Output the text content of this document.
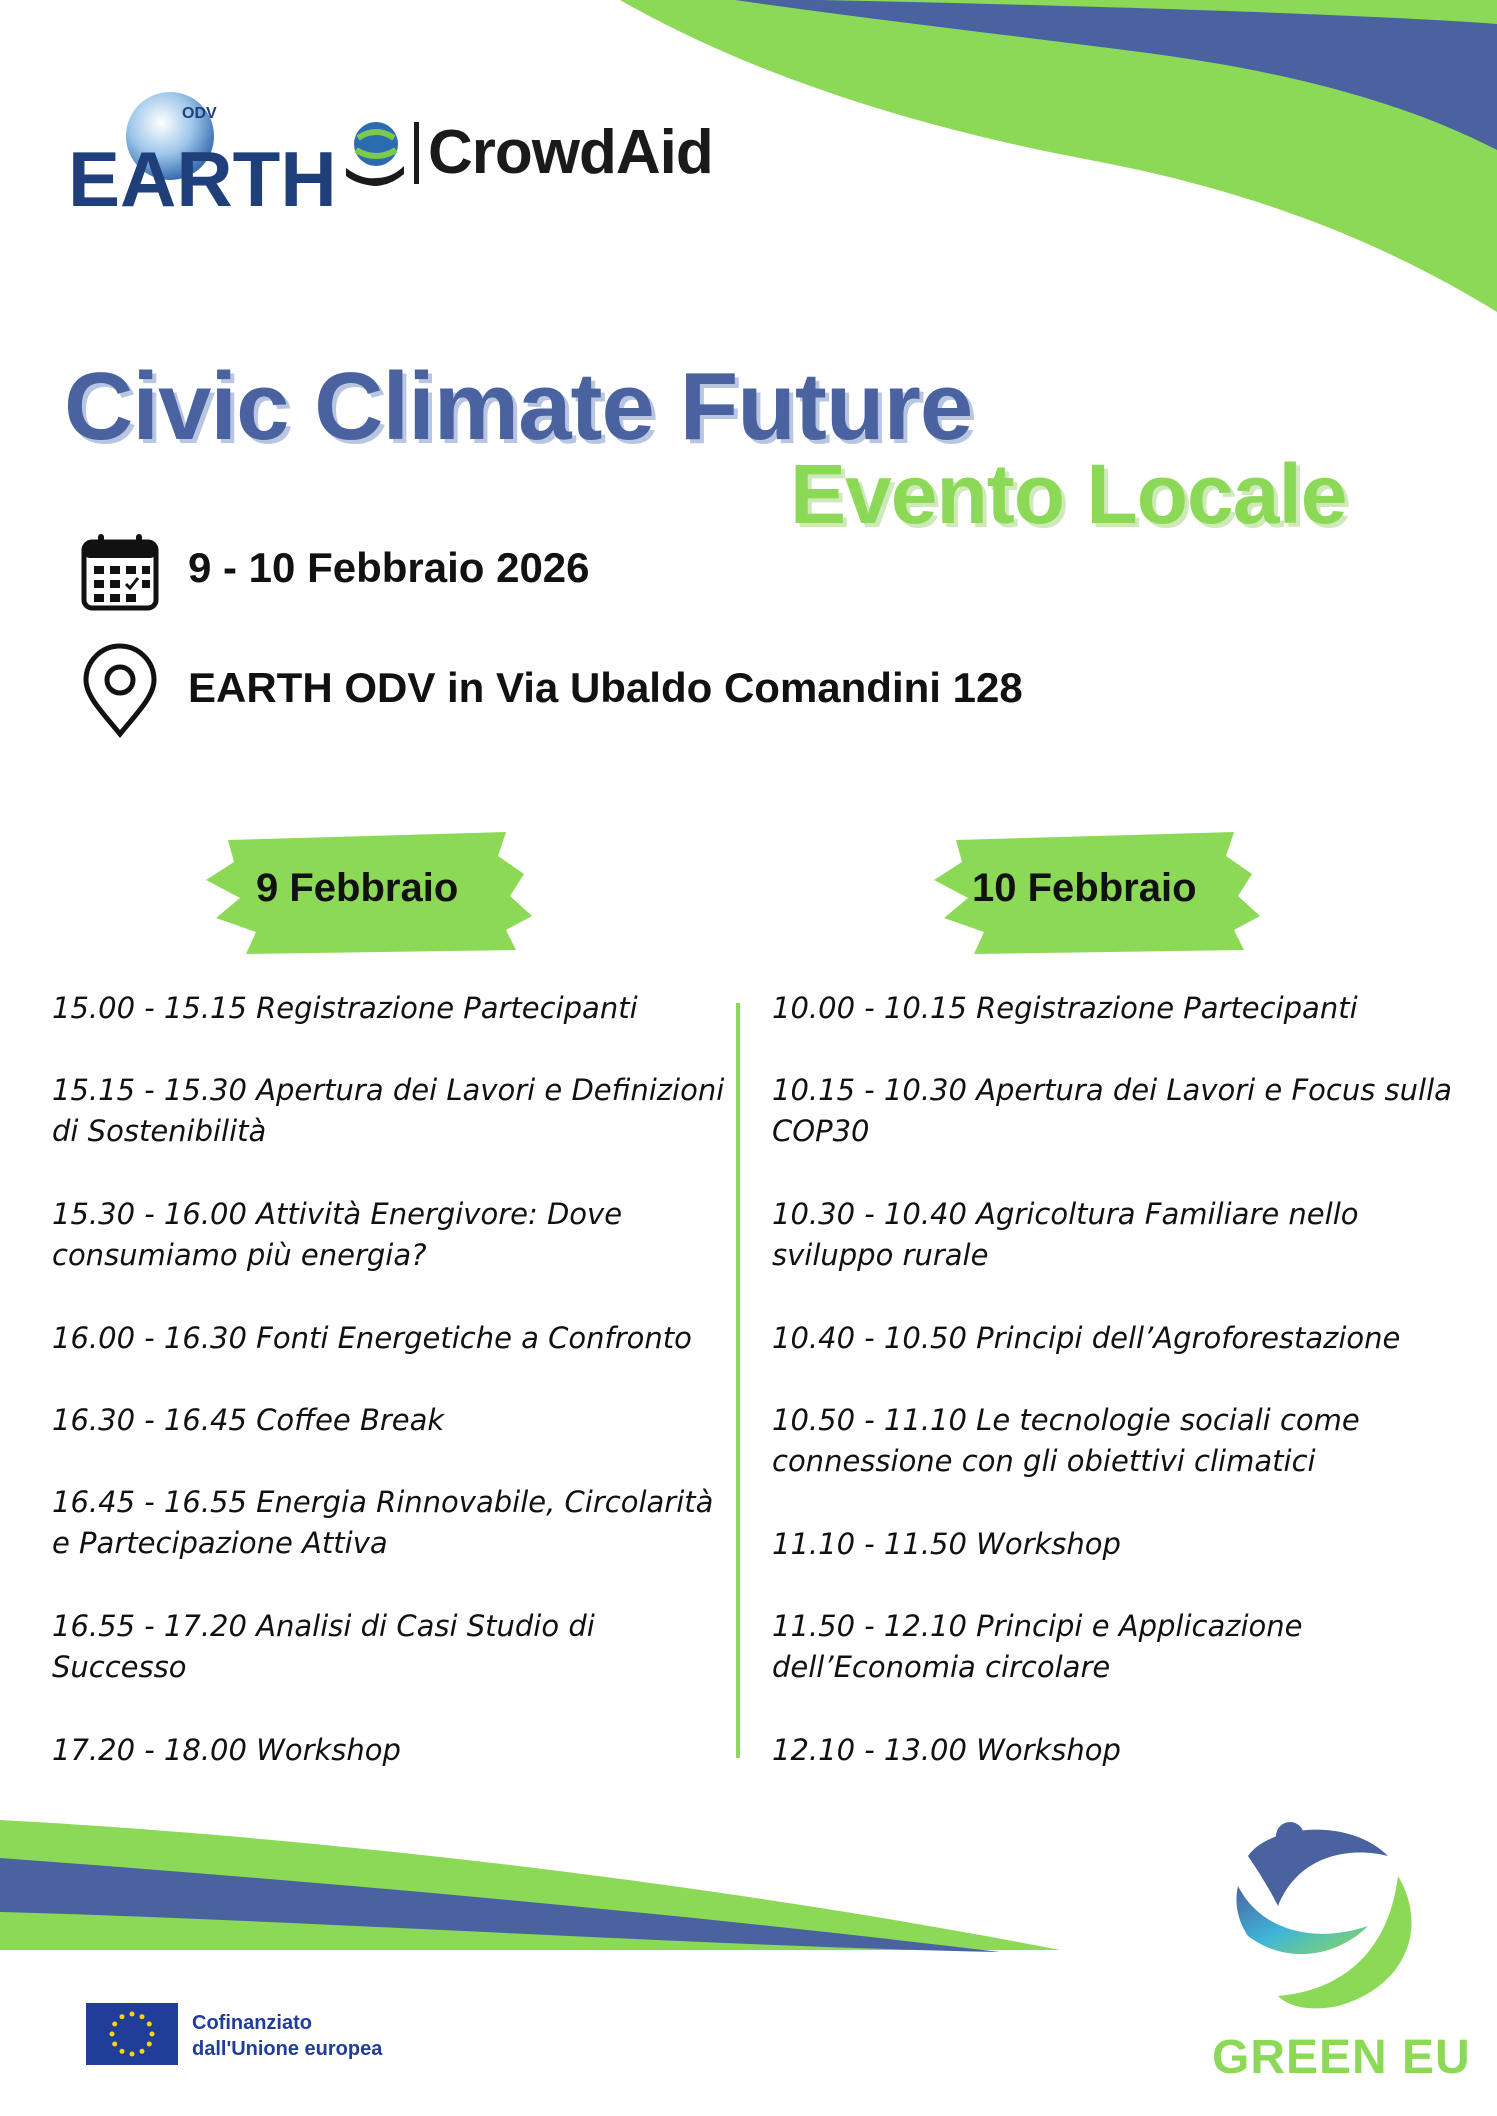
EARTH
ODV
CrowdAid
Civic Climate Future
Evento Locale
9 - 10 Febbraio 2026
EARTH ODV in Via Ubaldo Comandini 128
9 Febbraio	10 Febbraio
15.00 - 15.15 Registrazione Partecipanti
15.15 - 15.30 Apertura dei Lavori e Definizioni di Sostenibilità
15.30 - 16.00 Attività Energivore: Dove consumiamo più energia?
16.00 - 16.30 Fonti Energetiche a Confronto
16.30 - 16.45 Coffee Break
16.45 - 16.55 Energia Rinnovabile, Circolarità e Partecipazione Attiva
16.55 - 17.20 Analisi di Casi Studio di Successo
17.20 - 18.00 Workshop
10.00 - 10.15 Registrazione Partecipanti
10.15 - 10.30 Apertura dei Lavori e Focus sulla COP30
10.30 - 10.40 Agricoltura Familiare nello sviluppo rurale
10.40 - 10.50 Principi dell’Agroforestazione
10.50 - 11.10 Le tecnologie sociali come connessione con gli obiettivi climatici
11.10 - 11.50 Workshop
11.50 - 12.10 Principi e Applicazione dell’Economia circolare
12.10 - 13.00 Workshop
Cofinanziato
dall'Unione europea	GREEN EU
